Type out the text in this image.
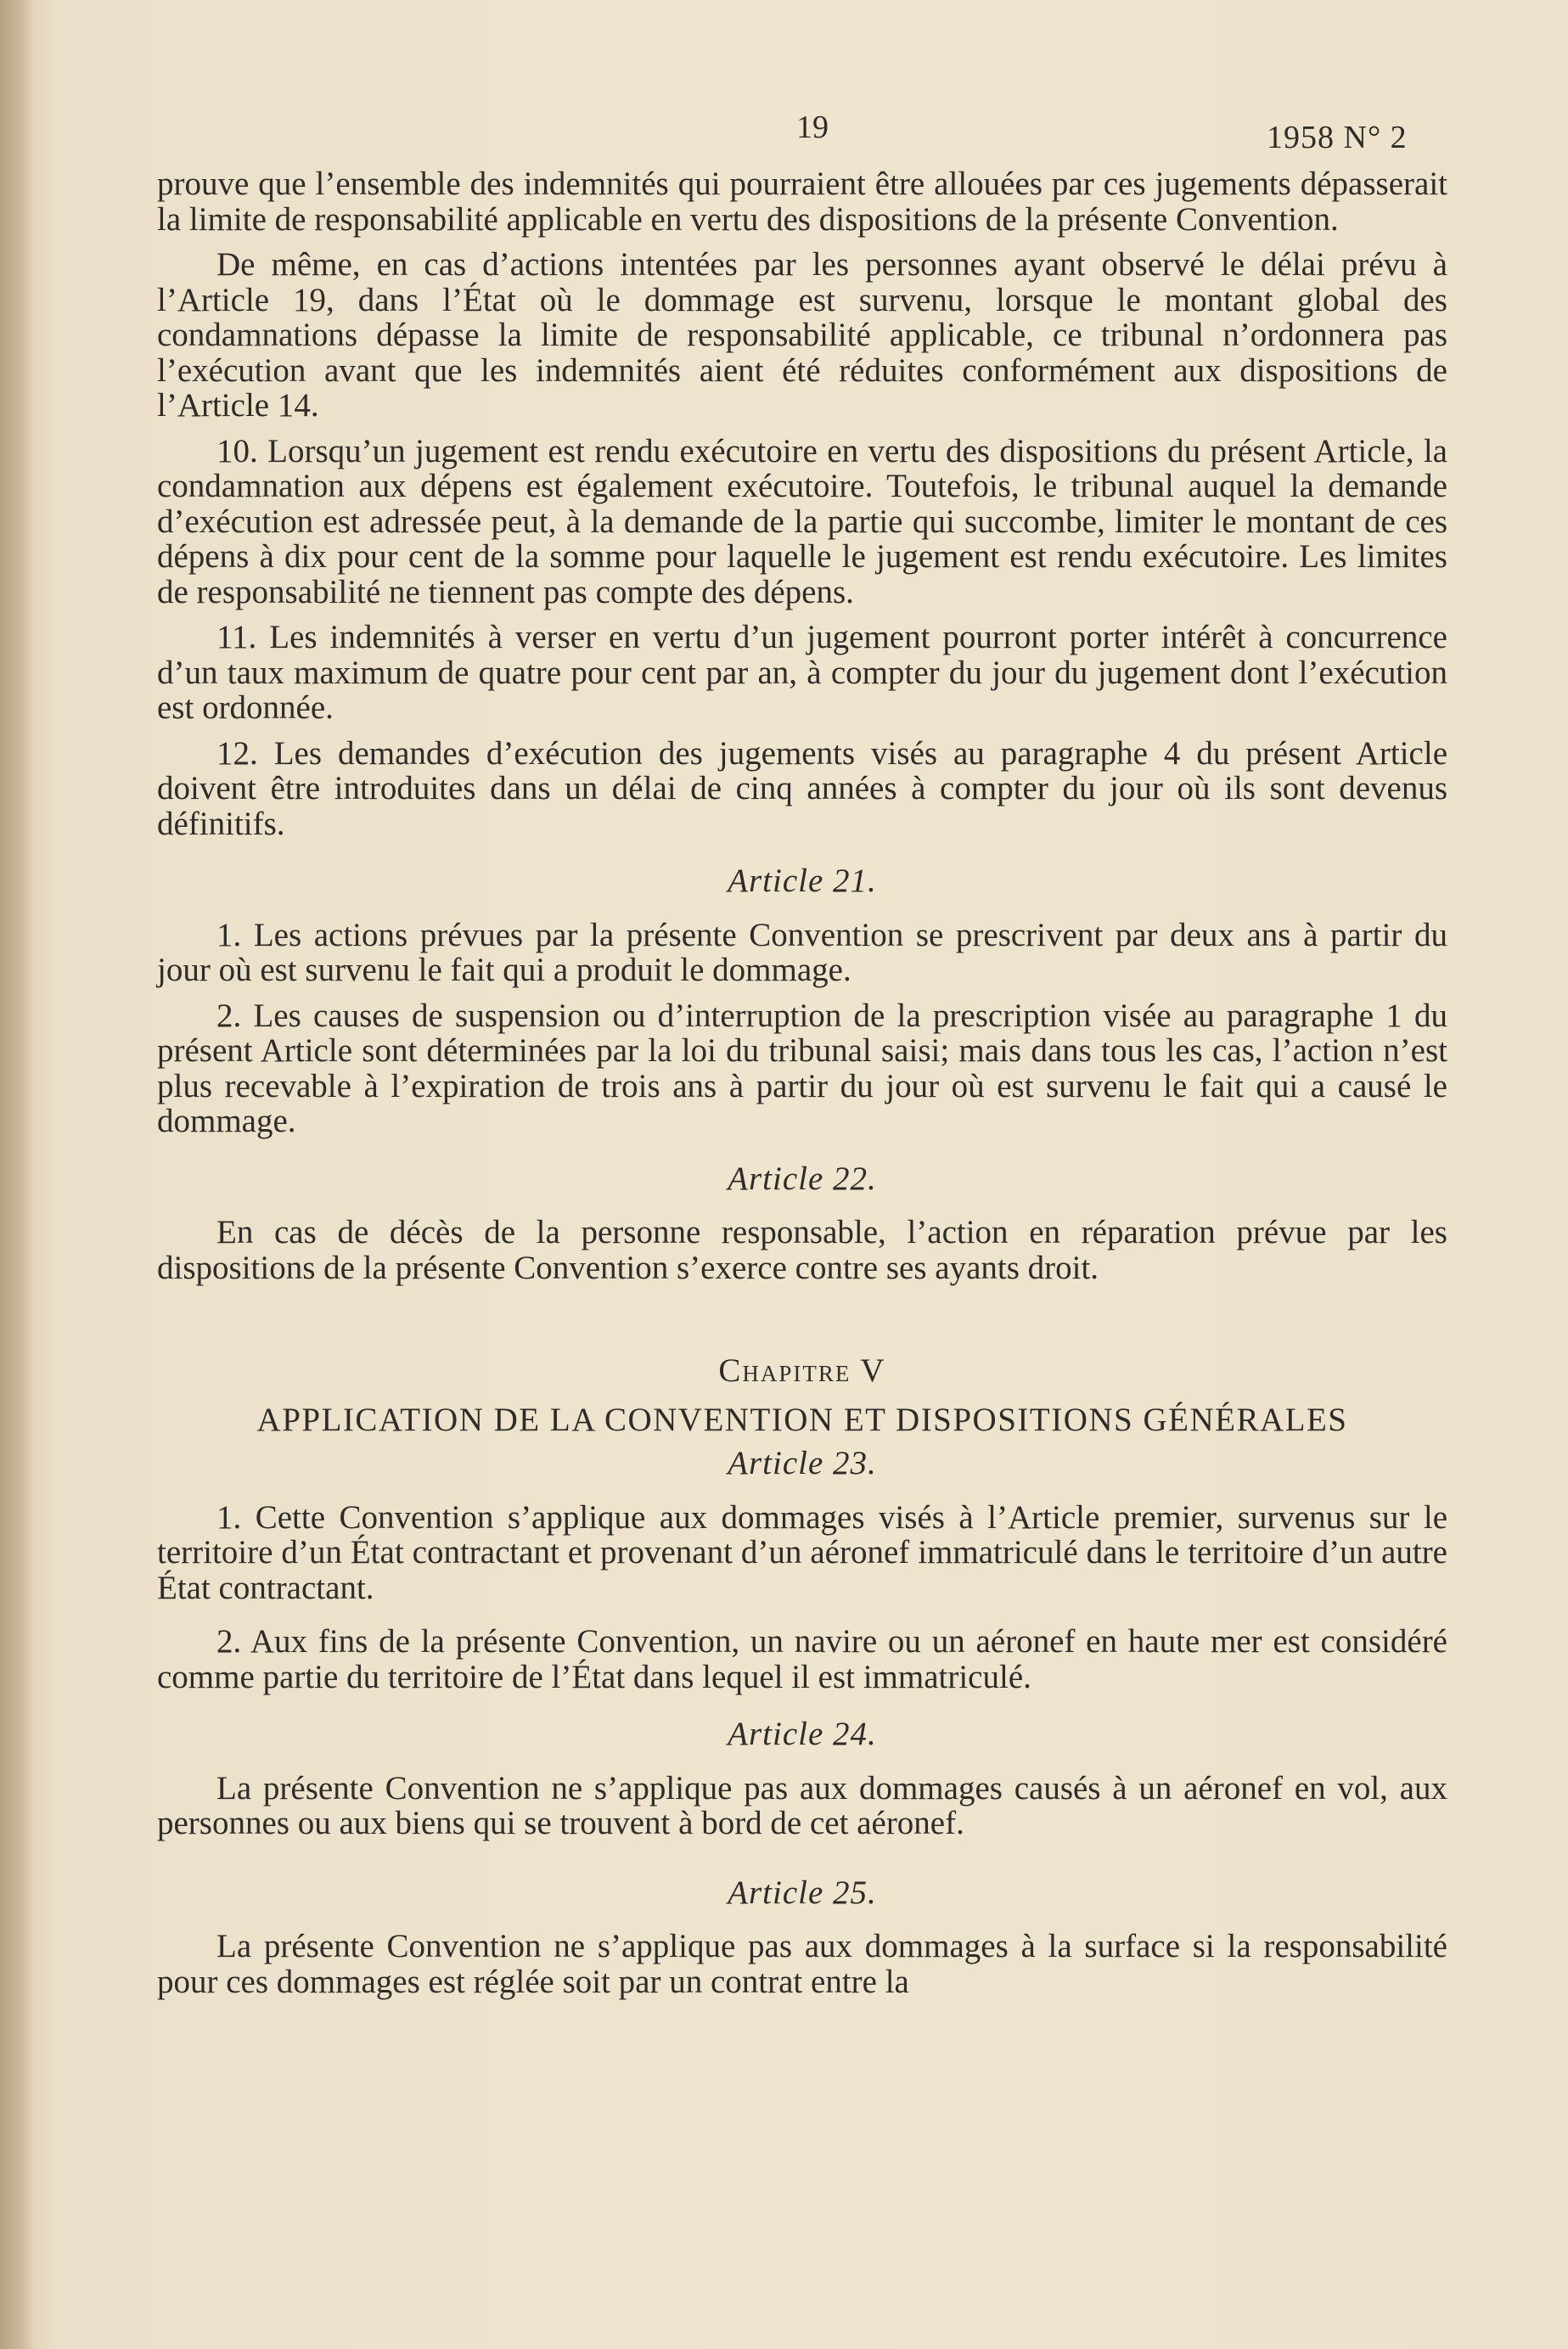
19	1958 N° 2

prouve que l’ensemble des indemnités qui pourraient être allouées par ces jugements dépasserait la limite de responsabilité applicable en vertu des dispositions de la présente Convention.

De même, en cas d’actions intentées par les personnes ayant observé le délai prévu à l’Article 19, dans l’État où le dommage est survenu, lorsque le montant global des condamnations dépasse la limite de responsabilité applicable, ce tribunal n’ordonnera pas l’exécution avant que les indemnités aient été réduites conformément aux dispositions de l’Article 14.

10. Lorsqu’un jugement est rendu exécutoire en vertu des dispositions du présent Article, la condamnation aux dépens est également exécutoire. Toutefois, le tribunal auquel la demande d’exécution est adressée peut, à la demande de la partie qui succombe, limiter le montant de ces dépens à dix pour cent de la somme pour laquelle le jugement est rendu exécutoire. Les limites de responsabilité ne tiennent pas compte des dépens.

11. Les indemnités à verser en vertu d’un jugement pourront porter intérêt à concurrence d’un taux maximum de quatre pour cent par an, à compter du jour du jugement dont l’exécution est ordonnée.

12. Les demandes d’exécution des jugements visés au paragraphe 4 du présent Article doivent être introduites dans un délai de cinq années à compter du jour où ils sont devenus définitifs.

Article 21.

1. Les actions prévues par la présente Convention se prescrivent par deux ans à partir du jour où est survenu le fait qui a produit le dommage.

2. Les causes de suspension ou d’interruption de la prescription visée au paragraphe 1 du présent Article sont déterminées par la loi du tribunal saisi; mais dans tous les cas, l’action n’est plus recevable à l’expiration de trois ans à partir du jour où est survenu le fait qui a causé le dommage.

Article 22.

En cas de décès de la personne responsable, l’action en réparation prévue par les dispositions de la présente Convention s’exerce contre ses ayants droit.

Chapitre V
APPLICATION DE LA CONVENTION ET DISPOSITIONS GÉNÉRALES
Article 23.

1. Cette Convention s’applique aux dommages visés à l’Article premier, survenus sur le territoire d’un État contractant et provenant d’un aéronef immatriculé dans le territoire d’un autre État contractant.

2. Aux fins de la présente Convention, un navire ou un aéronef en haute mer est considéré comme partie du territoire de l’État dans lequel il est immatriculé.

Article 24.

La présente Convention ne s’applique pas aux dommages causés à un aéronef en vol, aux personnes ou aux biens qui se trouvent à bord de cet aéronef.

Article 25.

La présente Convention ne s’applique pas aux dommages à la surface si la responsabilité pour ces dommages est réglée soit par un contrat entre la
